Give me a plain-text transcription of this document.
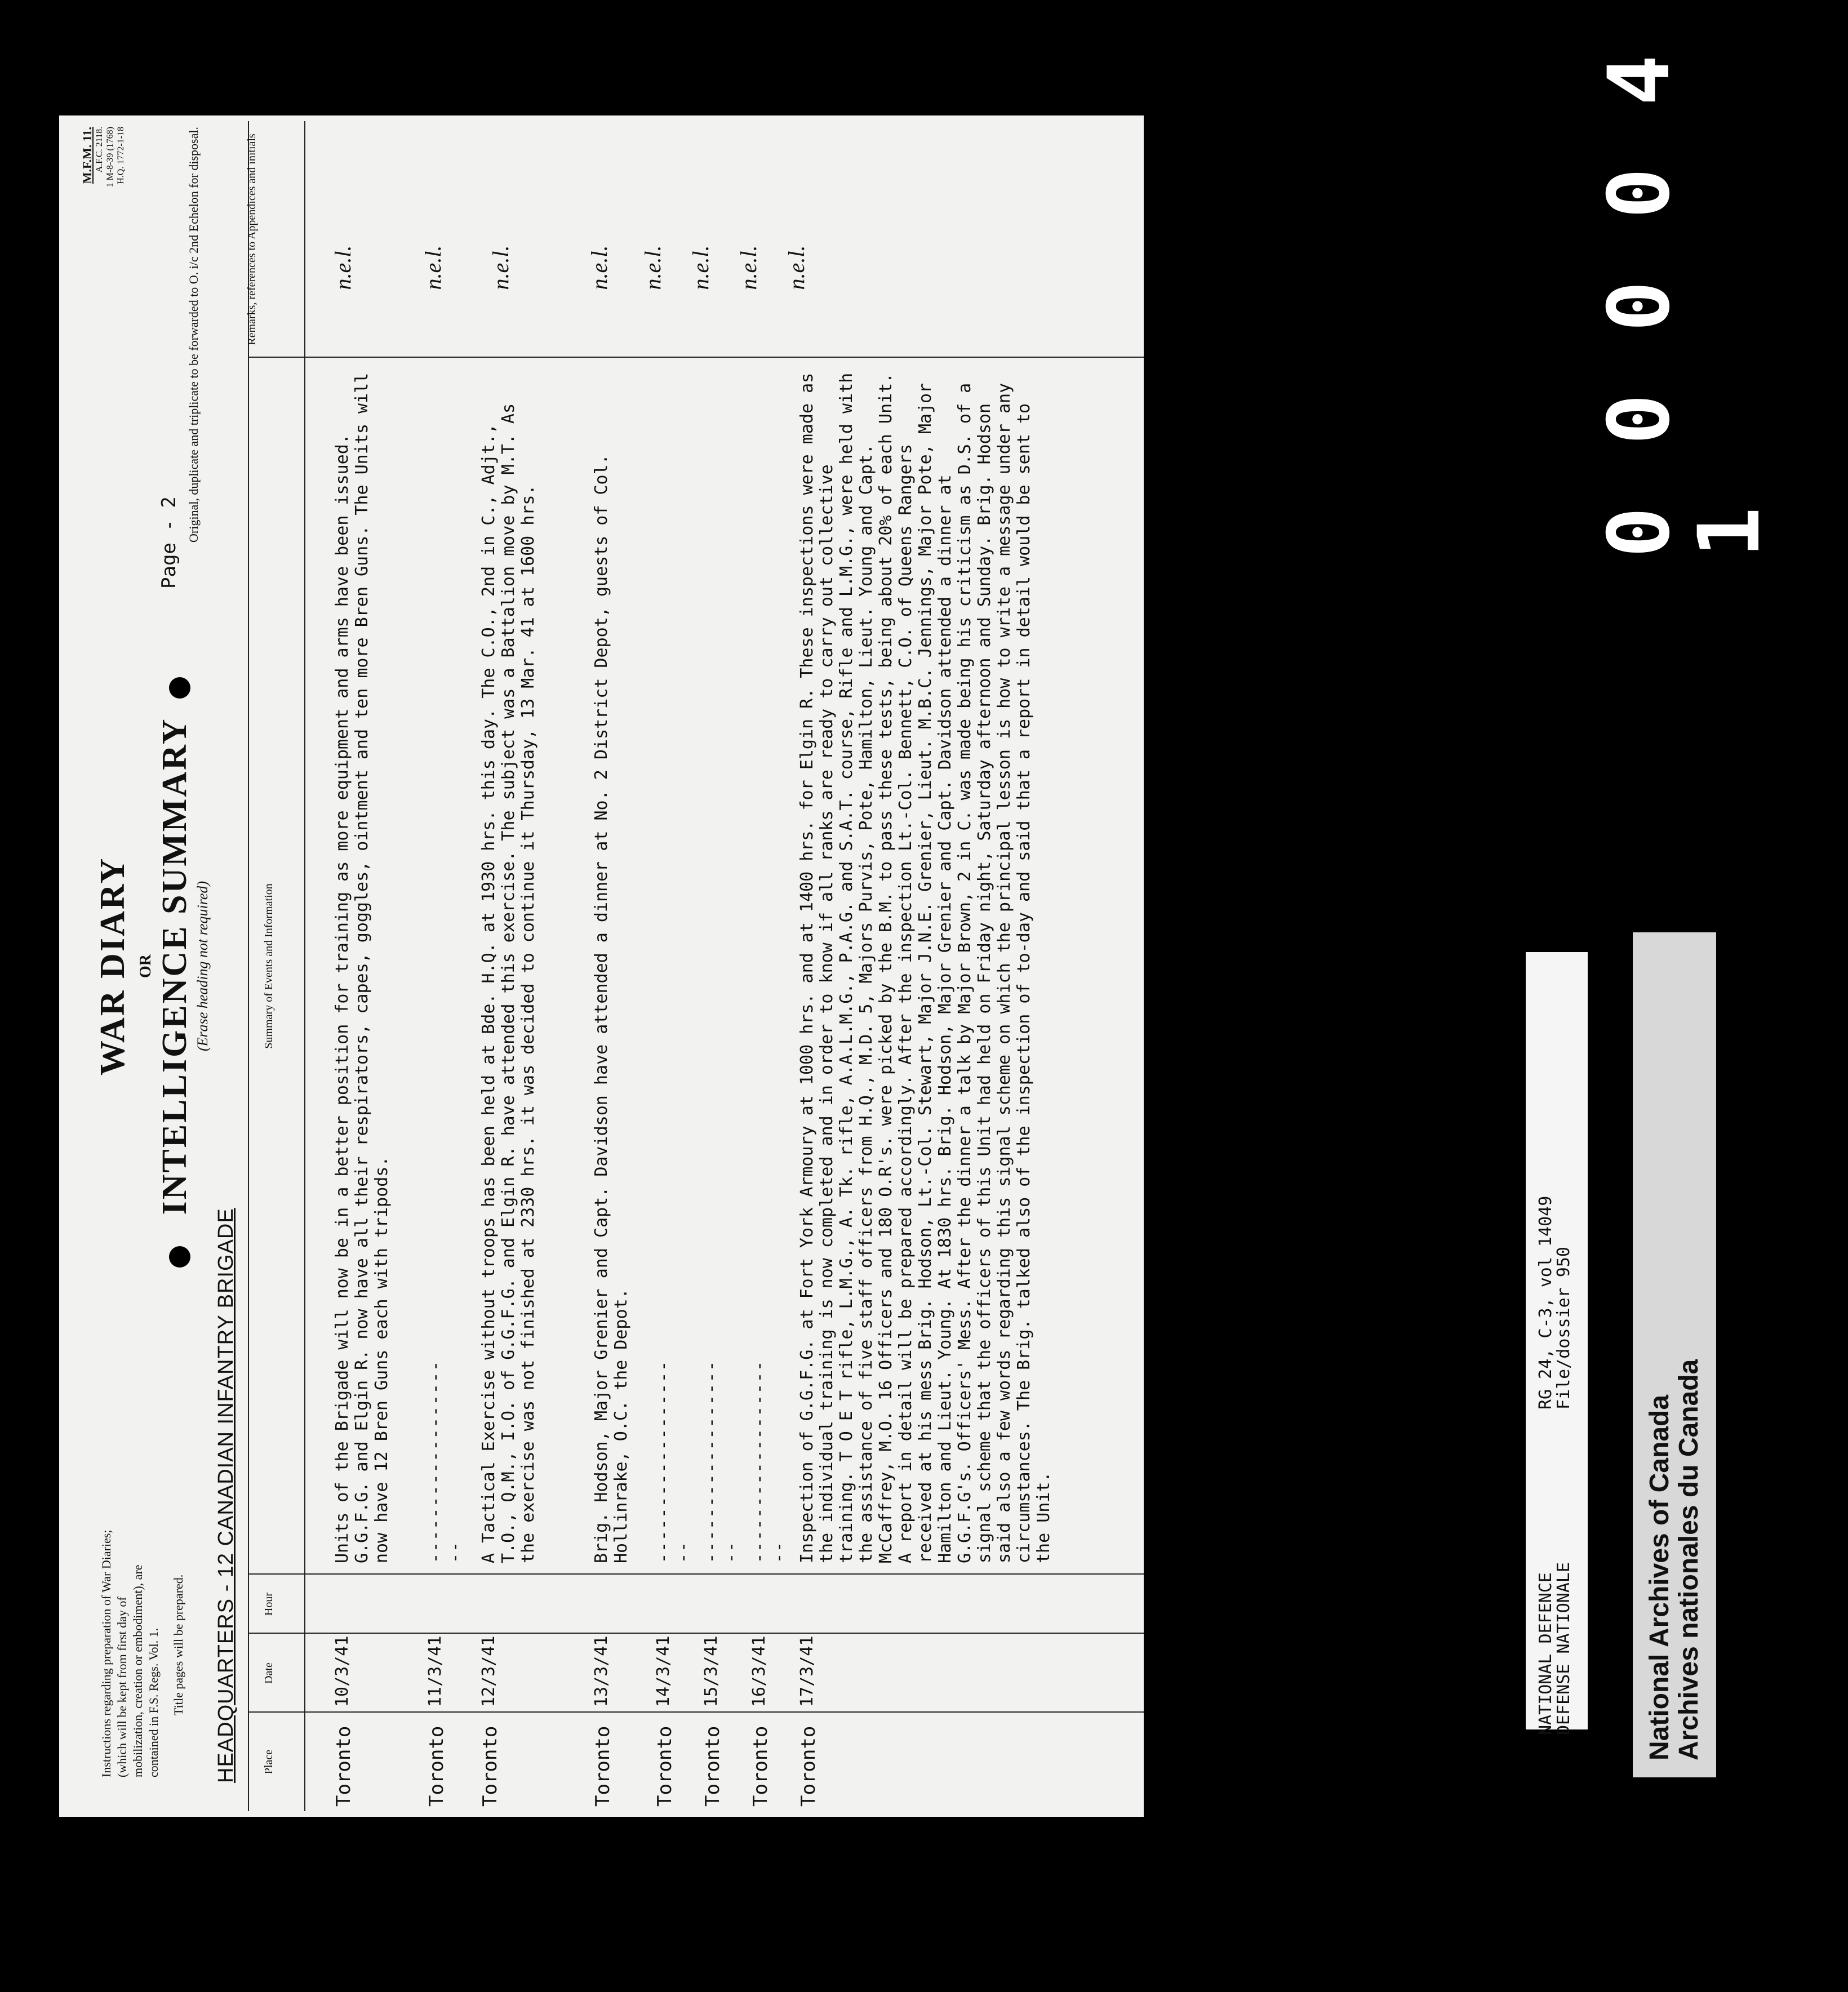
Instructions regarding preparation of War Diaries; (which will be kept from first day of mobilization, creation or embodiment), are contained in F.S. Regs. Vol. 1. Title pages will be prepared. HEADQUARTERS - 12 CANADIAN INFANTRY BRIGADE
WAR DIARY OR INTELLIGENCE SUMMARY (Erase heading not required)
Page - 2
M.F.M. 11.
A.F.C. 2118. 1 M-8-39 (1768) H.Q. 1772-1-18	Original, duplicate and triplicate to be forwarded to O. i/c 2nd Echelon for disposal.
Place
Date
Hour
Summary of Events and Information
Remarks, references to Appendices and initials
Toronto
10/3/41
Units of the Brigade will now be in a better position for training as more equipment and arms have been issued. G.G.F.G. and Elgin R. now have all their respirators, capes, goggles, ointment and ten more Bren Guns. The Units will now have 12 Bren Guns each with tripods.
n.e.l.
Toronto
11/3/41
--------------------
n.e.l.
Toronto
12/3/41
A Tactical Exercise without troops has been held at Bde. H.Q. at 1930 hrs. this day. The C.O., 2nd in C., Adjt., T.O., Q.M., I.O. of G.G.F.G. and Elgin R. have attended this exercise. The subject was a Battalion move by M.T. As the exercise was not finished at 2330 hrs. it was decided to continue it Thursday, 13 Mar. 41 at 1600 hrs.
n.e.l.
Toronto
13/3/41
Brig. Hodson, Major Grenier and Capt. Davidson have attended a dinner at No. 2 District Depot, guests of Col. Hollinrake, O.C. the Depot.
n.e.l.
Toronto
14/3/41
--------------------
n.e.l.
Toronto
15/3/41
--------------------
n.e.l.
Toronto
16/3/41
--------------------
n.e.l.
Toronto
17/3/41
Inspection of G.G.F.G. at Fort York Armoury at 1000 hrs. and at 1400 hrs. for Elgin R. These inspections were made as the individual training is now completed and in order to know if all ranks are ready to carry out collective training. T O E T rifle, L.M.G., A. Tk. rifle, A.A.L.M.G., P.A.G. and S.A.T. course, Rifle and L.M.G., were held with the assistance of five staff officers from H.Q., M.D. 5, Majors Purvis, Pote, Hamilton, Lieut. Young and Capt. McCaffrey, M.O. 16 Officers and 180 O.R's. were picked by the B.M. to pass these tests, being about 20% of each Unit. A report in detail will be prepared accordingly. After the inspection Lt.-Col. Bennett, C.O. of Queens Rangers received at his mess Brig. Hodson, Lt.-Col. Stewart, Major J.N.E. Grenier, Lieut. M.B.C. Jennings, Major Pote, Major Hamilton and Lieut. Young. At 1830 hrs. Brig. Hodson, Major Grenier and Capt. Davidson attended a dinner at G.G.F.G's. Officers' Mess. After the dinner a talk by Major Brown, 2 in C. was made being his criticism as D.S. of a signal scheme that the officers of this Unit had held on Friday night, Saturday afternoon and Sunday. Brig. Hodson said also a few words regarding this signal scheme on which the principal lesson is how to write a message under any circumstances. The Brig. talked also of the inspection of to-day and said that a report in detail would be sent to the Unit.
n.e.l.	0 0 0 0 4 1
NATIONAL DEFENCE                RG 24, C-3, vol 14049
DEFENSE NATIONALE               File/dossier 950
National Archives of Canada Archives nationales du Canada
